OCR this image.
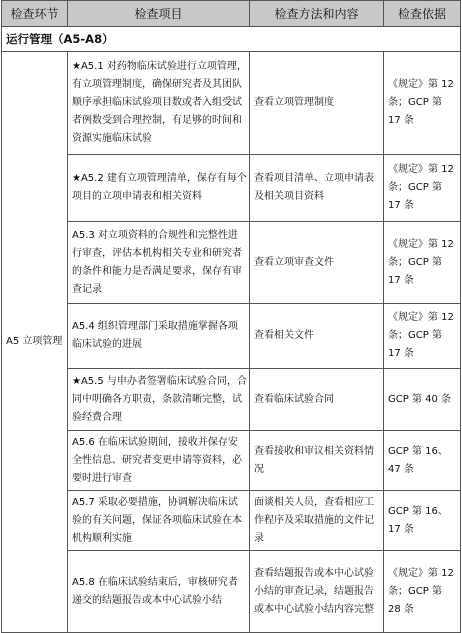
检查环节	检查项目	检查方法和内容	检查依据
运行管理（A5-A8）			
A5 立项管理	★A5.1 对药物临床试验进行立项管理，有立项管理制度，确保研究者及其团队顺序承担临床试验项目数或者入组受试者例数受到合理控制，有足够的时间和资源实施临床试验	查看立项管理制度	《规定》第 12 条；GCP 第 17 条
	★A5.2 建有立项管理清单，保存有每个项目的立项申请表和相关资料	查看项目清单、立项申请表及相关项目资料	《规定》第 12 条；GCP 第 17 条
	A5.3 对立项资料的合规性和完整性进行审查，评估本机构相关专业和研究者的条件和能力是否满足要求，保存有审查记录	查看立项审查文件	《规定》第 12 条；GCP 第 17 条
	A5.4 组织管理部门采取措施掌握各项临床试验的进展	查看相关文件	《规定》第 12 条；GCP 第 17 条
	★A5.5 与申办者签署临床试验合同，合同中明确各方职责，条款清晰完整，试验经费合理	查看临床试验合同	GCP 第 40 条
	A5.6 在临床试验期间，接收并保存安全性信息、研究者变更申请等资料，必要时进行审查	查看接收和审议相关资料情况	GCP 第 16、47 条
	A5.7 采取必要措施，协调解决临床试验的有关问题，保证各项临床试验在本机构顺利实施	面谈相关人员，查看相应工作程序及采取措施的文件记录	GCP 第 16、17 条
	A5.8 在临床试验结束后，审核研究者递交的结题报告或本中心试验小结	查看结题报告或本中心试验小结的审查记录，结题报告或本中心试验小结内容完整	《规定》第 12 条；GCP 第 28 条
